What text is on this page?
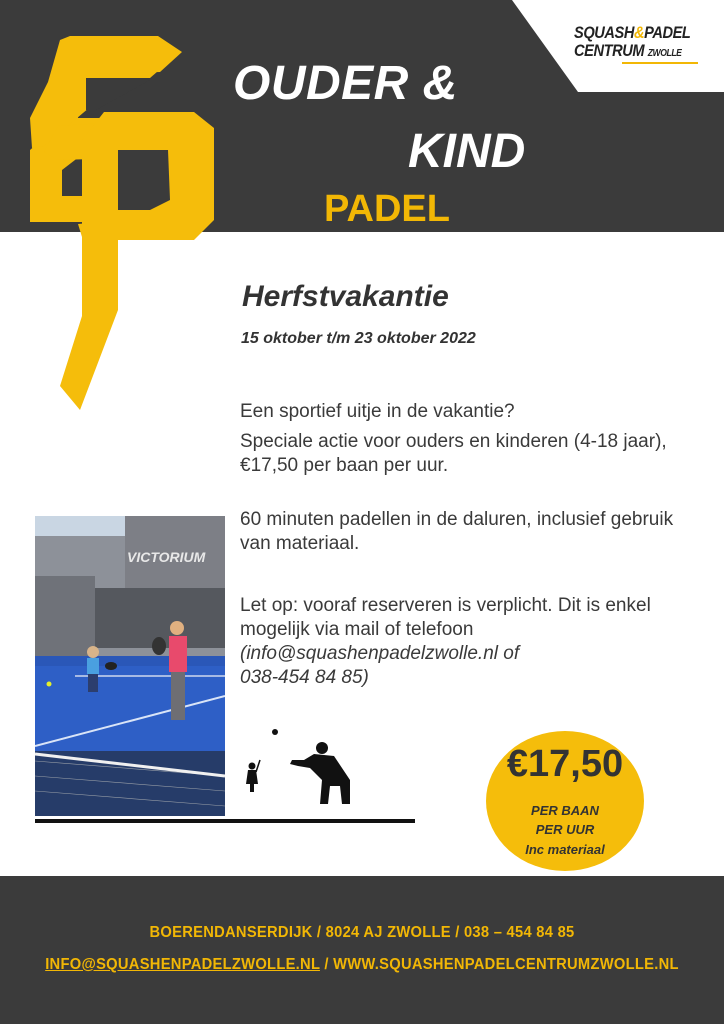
SQUASH&PADEL
CENTRUM ZWOLLE
OUDER &
KIND
PADEL
Herfstvakantie
15 oktober t/m 23 oktober 2022
Een sportief uitje in de vakantie?
Speciale actie voor ouders en kinderen (4-18 jaar), €17,50 per baan per uur.
60 minuten padellen in de daluren, inclusief gebruik van materiaal.
Let op: vooraf reserveren is verplicht. Dit is enkel mogelijk via mail of telefoon
(info@squashenpadelzwolle.nl of
038-454 84 85)
VICTORIUM
€17,50
PER BAAN
PER UUR
Inc materiaal
BOERENDANSERDIJK / 8024 AJ ZWOLLE / 038 – 454 84 85
INFO@SQUASHENPADELZWOLLE.NL / WWW.SQUASHENPADELCENTRUMZWOLLE.NL
